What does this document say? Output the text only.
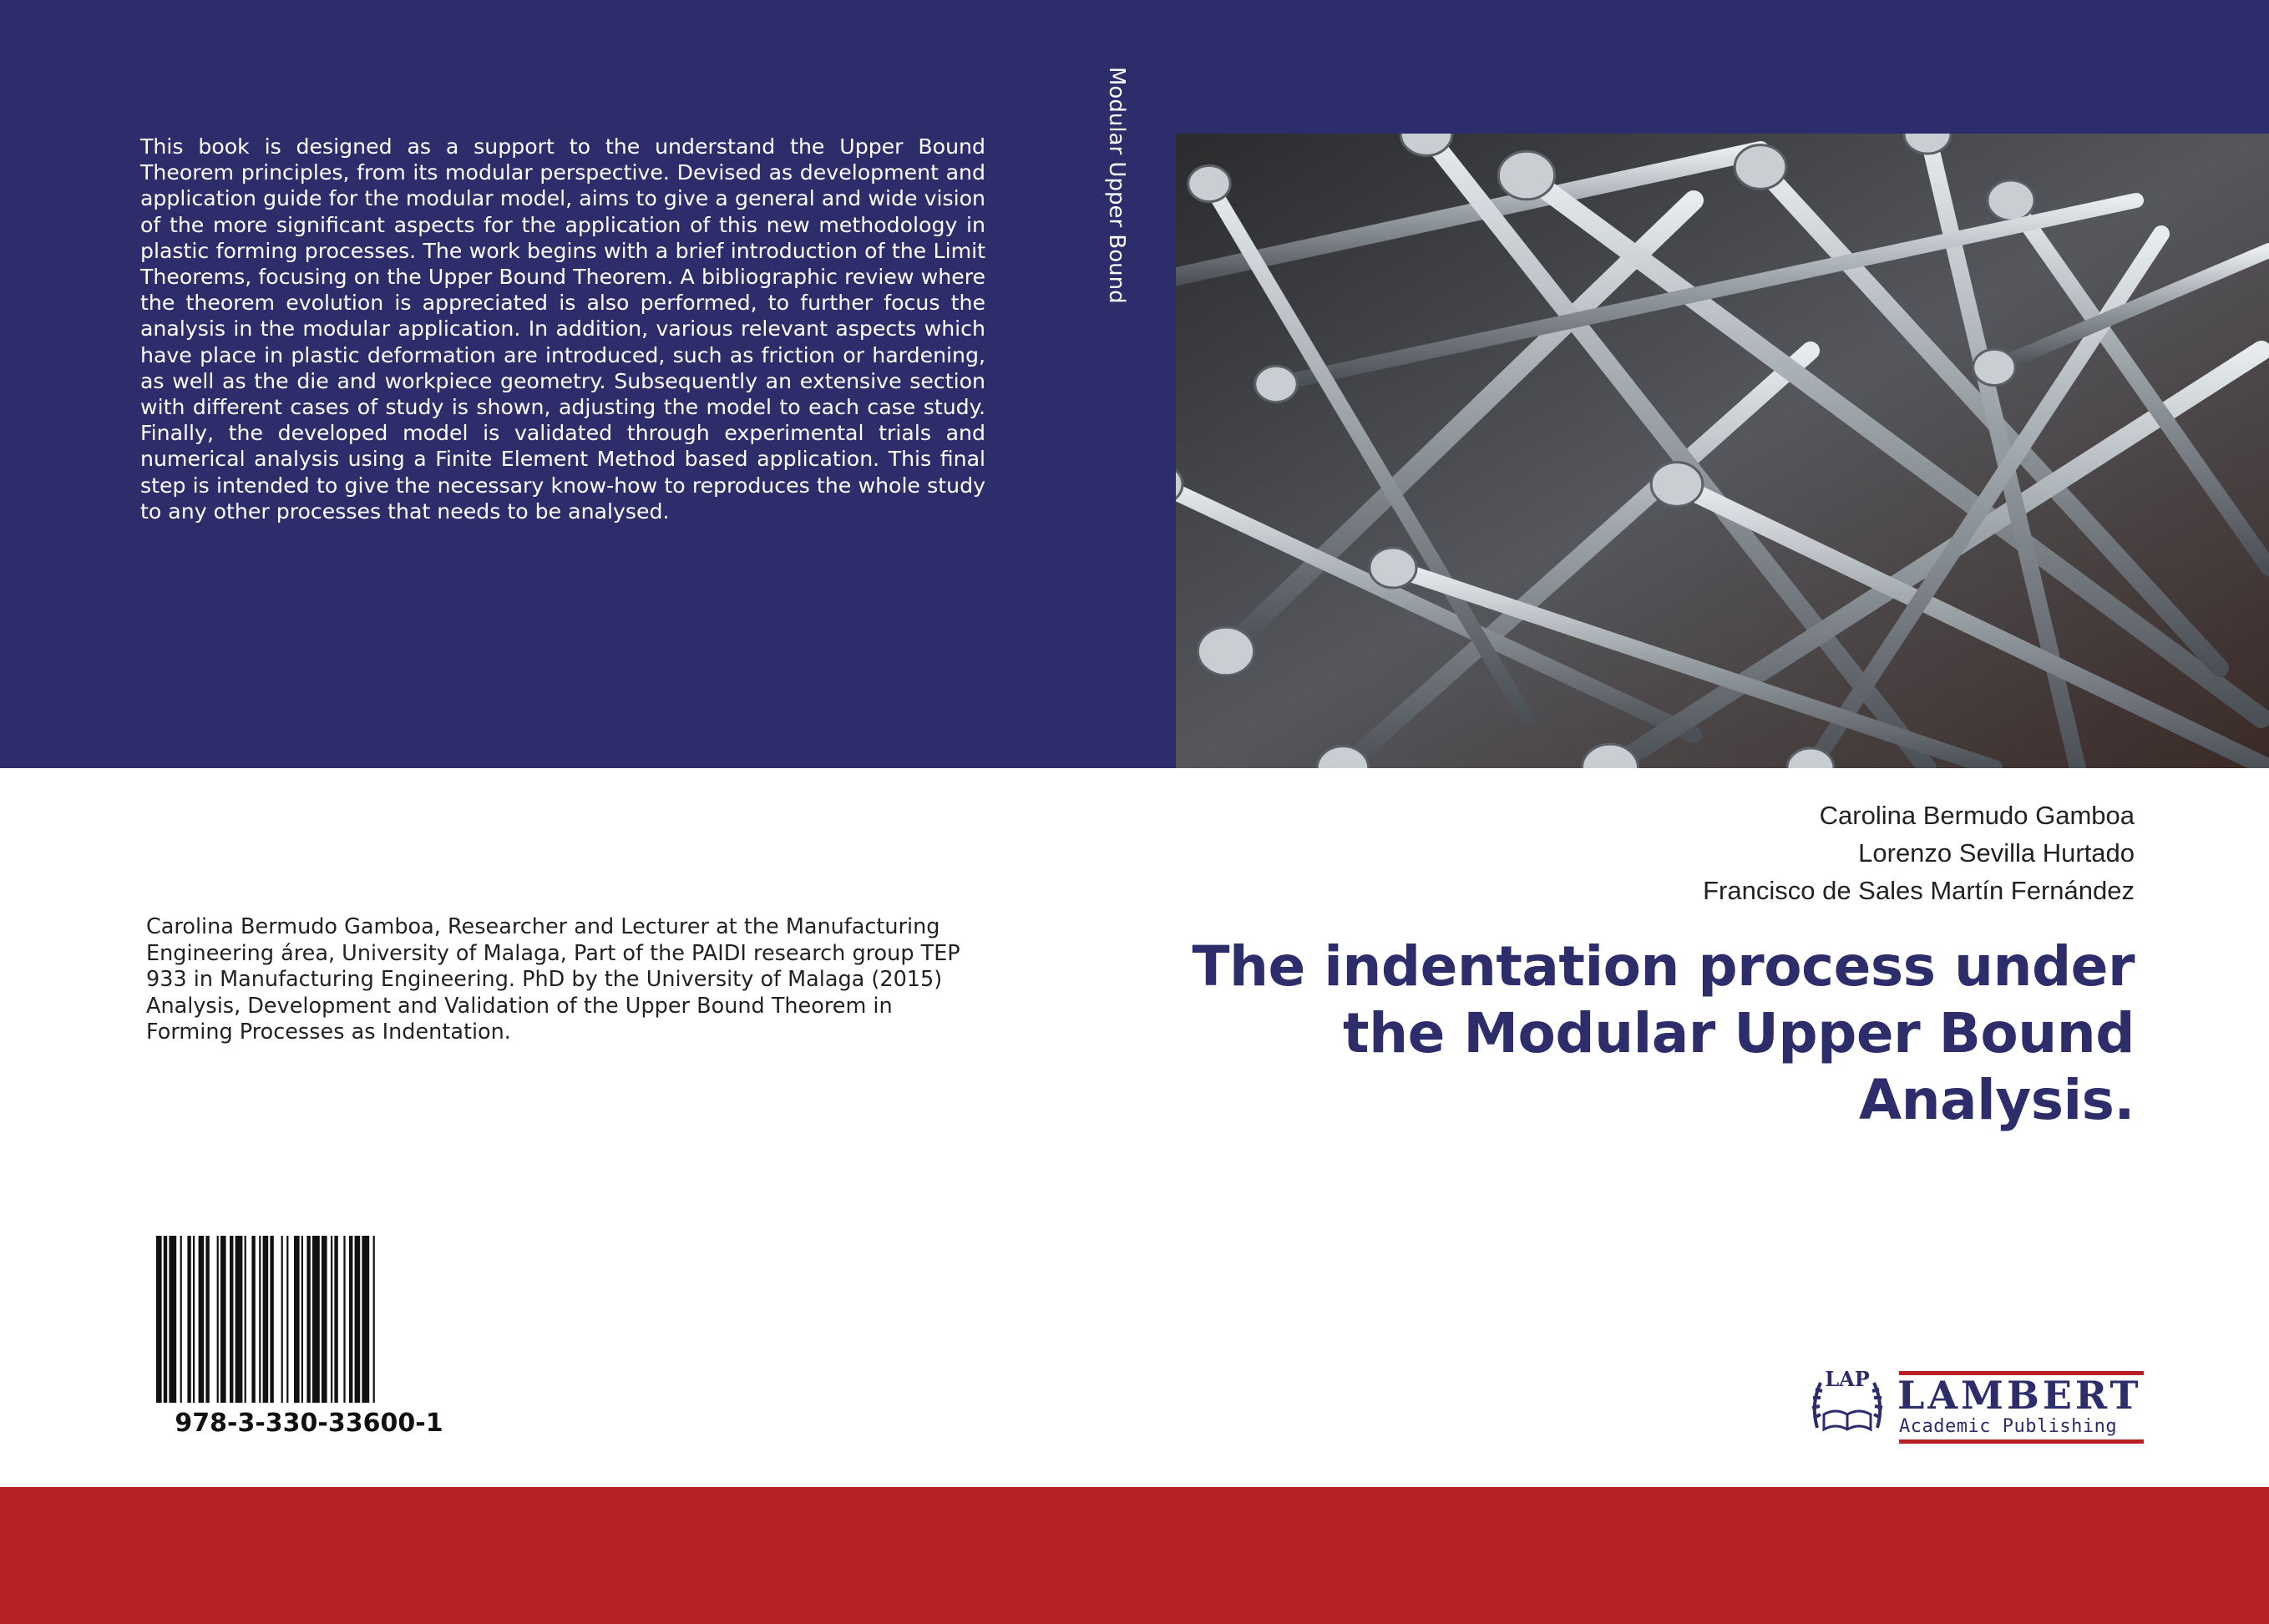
This book is designed as a support to the understand the Upper Bound Theorem principles, from its modular perspective. Devised as development and application guide for the modular model, aims to give a general and wide vision of the more significant aspects for the application of this new methodology in plastic forming processes. The work begins with a brief introduction of the Limit Theorems, focusing on the Upper Bound Theorem. A bibliographic review where the theorem evolution is appreciated is also performed, to further focus the analysis in the modular application. In addition, various relevant aspects which have place in plastic deformation are introduced, such as friction or hardening, as well as the die and workpiece geometry. Subsequently an extensive section with different cases of study is shown, adjusting the model to each case study. Finally, the developed model is validated through experimental trials and numerical analysis using a Finite Element Method based application. This final step is intended to give the necessary know-how to reproduces the whole study to any other processes that needs to be analysed.

Modular Upper Bound

Carolina Bermudo Gamboa, Researcher and Lecturer at the Manufacturing Engineering área, University of Malaga, Part of the PAIDI research group TEP 933 in Manufacturing Engineering. PhD by the University of Malaga (2015) Analysis, Development and Validation of the Upper Bound Theorem in Forming Processes as Indentation.

Carolina Bermudo Gamboa
Lorenzo Sevilla Hurtado
Francisco de Sales Martín Fernández
The indentation process under the Modular Upper Bound Analysis.
978-3-330-33600-1
LAP LAMBERT
Academic Publishing
